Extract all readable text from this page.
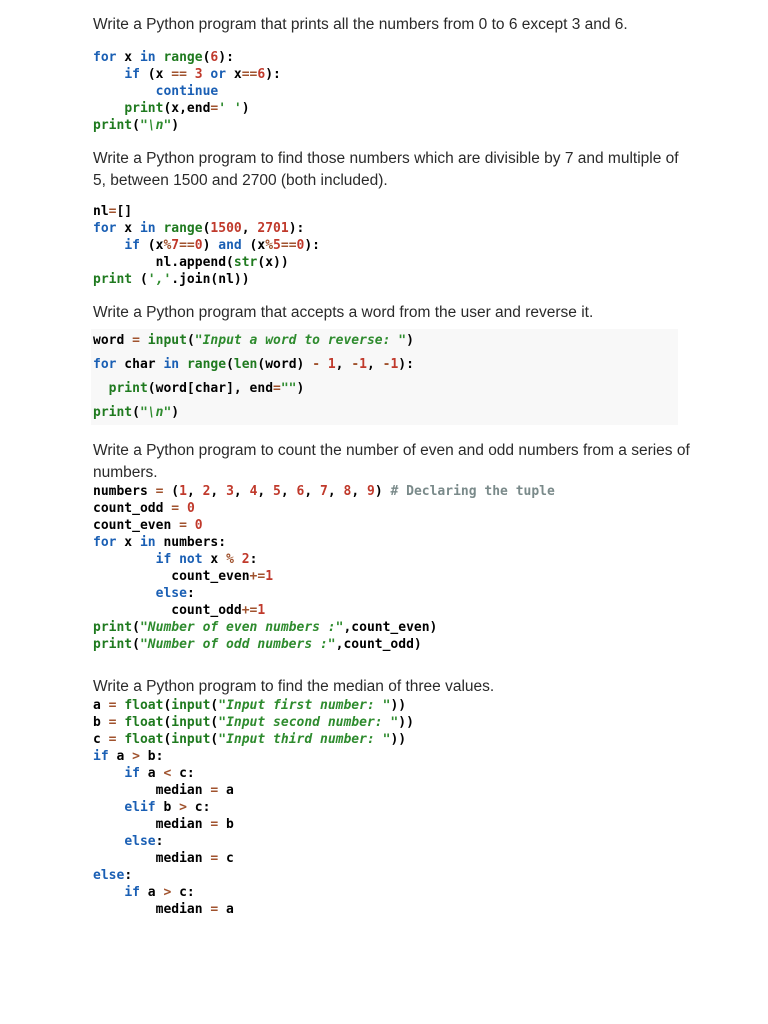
Write a Python program that prints all the numbers from 0 to 6 except 3 and 6.

for x in range(6):
if (x == 3 or x==6):
continue
print(x,end=' ')
print("\n")

Write a Python program to find those numbers which are divisible by 7 and multiple of 5, between 1500 and 2700 (both included).

nl=[]
for x in range(1500, 2701):
if (x%7==0) and (x%5==0):
nl.append(str(x))
print (','.join(nl))

Write a Python program that accepts a word from the user and reverse it.

word = input("Input a word to reverse: ")
for char in range(len(word) - 1, -1, -1):
print(word[char], end="")
print("\n")

Write a Python program to count the number of even and odd numbers from a series of numbers.

numbers = (1, 2, 3, 4, 5, 6, 7, 8, 9) # Declaring the tuple
count_odd = 0
count_even = 0
for x in numbers:
if not x % 2:
count_even+=1
else:
count_odd+=1
print("Number of even numbers :",count_even)
print("Number of odd numbers :",count_odd)

Write a Python program to find the median of three values.

a = float(input("Input first number: "))
b = float(input("Input second number: "))
c = float(input("Input third number: "))
if a > b:
if a < c:
median = a
elif b > c:
median = b
else:
median = c
else:
if a > c:
median = a
